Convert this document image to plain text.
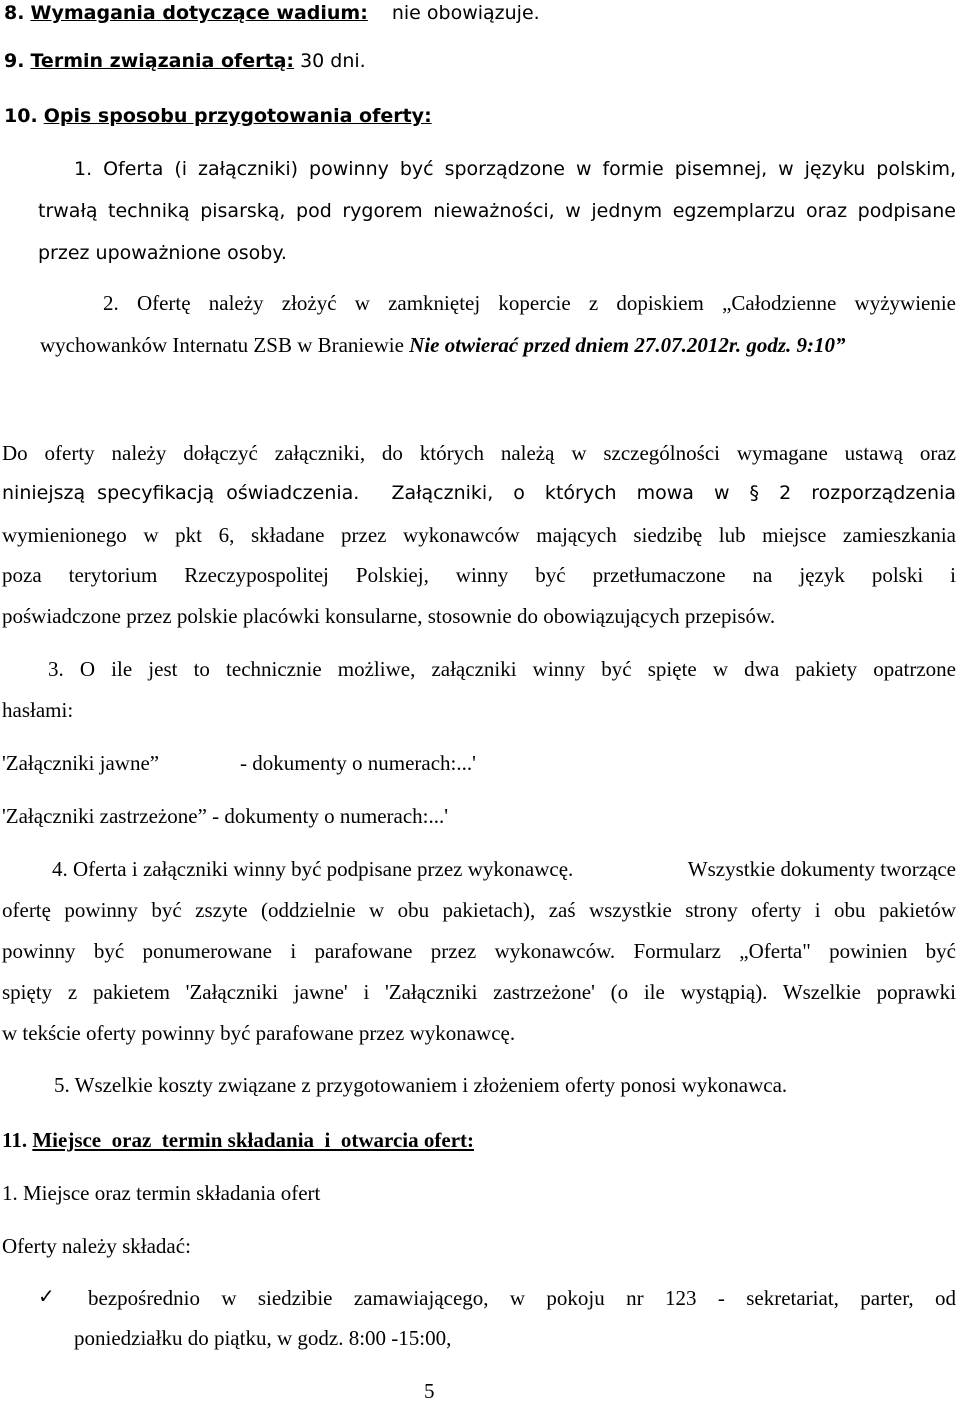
8. Wymagania dotyczące wadium: nie obowiązuje.
9. Termin związania ofertą: 30 dni.
10. Opis sposobu przygotowania oferty:
1. Oferta (i załączniki) powinny być sporządzone w formie pisemnej, w języku polskim,
trwałą techniką pisarską, pod rygorem nieważności, w jednym egzemplarzu oraz podpisane
przez upoważnione osoby.
2. Ofertę należy złożyć w zamkniętej kopercie z dopiskiem „Całodzienne wyżywienie
wychowanków Internatu ZSB w Braniewie Nie otwierać przed dniem 27.07.2012r. godz. 9:10”
Do oferty należy dołączyć załączniki, do których należą w szczególności wymagane ustawą oraz
niniejszą specyfikacją oświadczenia. Załączniki, o których mowa w § 2 rozporządzenia
wymienionego w pkt 6, składane przez wykonawców mających siedzibę lub miejsce zamieszkania
poza terytorium Rzeczypospolitej Polskiej, winny być przetłumaczone na język polski i
poświadczone przez polskie placówki konsularne, stosownie do obowiązujących przepisów.
3. O ile jest to technicznie możliwe, załączniki winny być spięte w dwa pakiety opatrzone
hasłami:
'Załączniki jawne”	- dokumenty o numerach:...'
'Załączniki zastrzeżone” - dokumenty o numerach:...'
4. Oferta i załączniki winny być podpisane przez wykonawcę.	Wszystkie dokumenty tworzące
ofertę powinny być zszyte (oddzielnie w obu pakietach), zaś wszystkie strony oferty i obu pakietów
powinny być ponumerowane i parafowane przez wykonawców. Formularz „Oferta" powinien być
spięty z pakietem 'Załączniki jawne' i 'Załączniki zastrzeżone' (o ile wystąpią). Wszelkie poprawki
w tekście oferty powinny być parafowane przez wykonawcę.
5. Wszelkie koszty związane z przygotowaniem i złożeniem oferty ponosi wykonawca.
11. Miejsce  oraz  termin składania  i  otwarcia ofert:
1. Miejsce oraz termin składania ofert
Oferty należy składać:
✓ bezpośrednio w siedzibie zamawiającego, w pokoju nr 123 - sekretariat, parter, od
poniedziałku do piątku, w godz. 8:00 -15:00,
5
